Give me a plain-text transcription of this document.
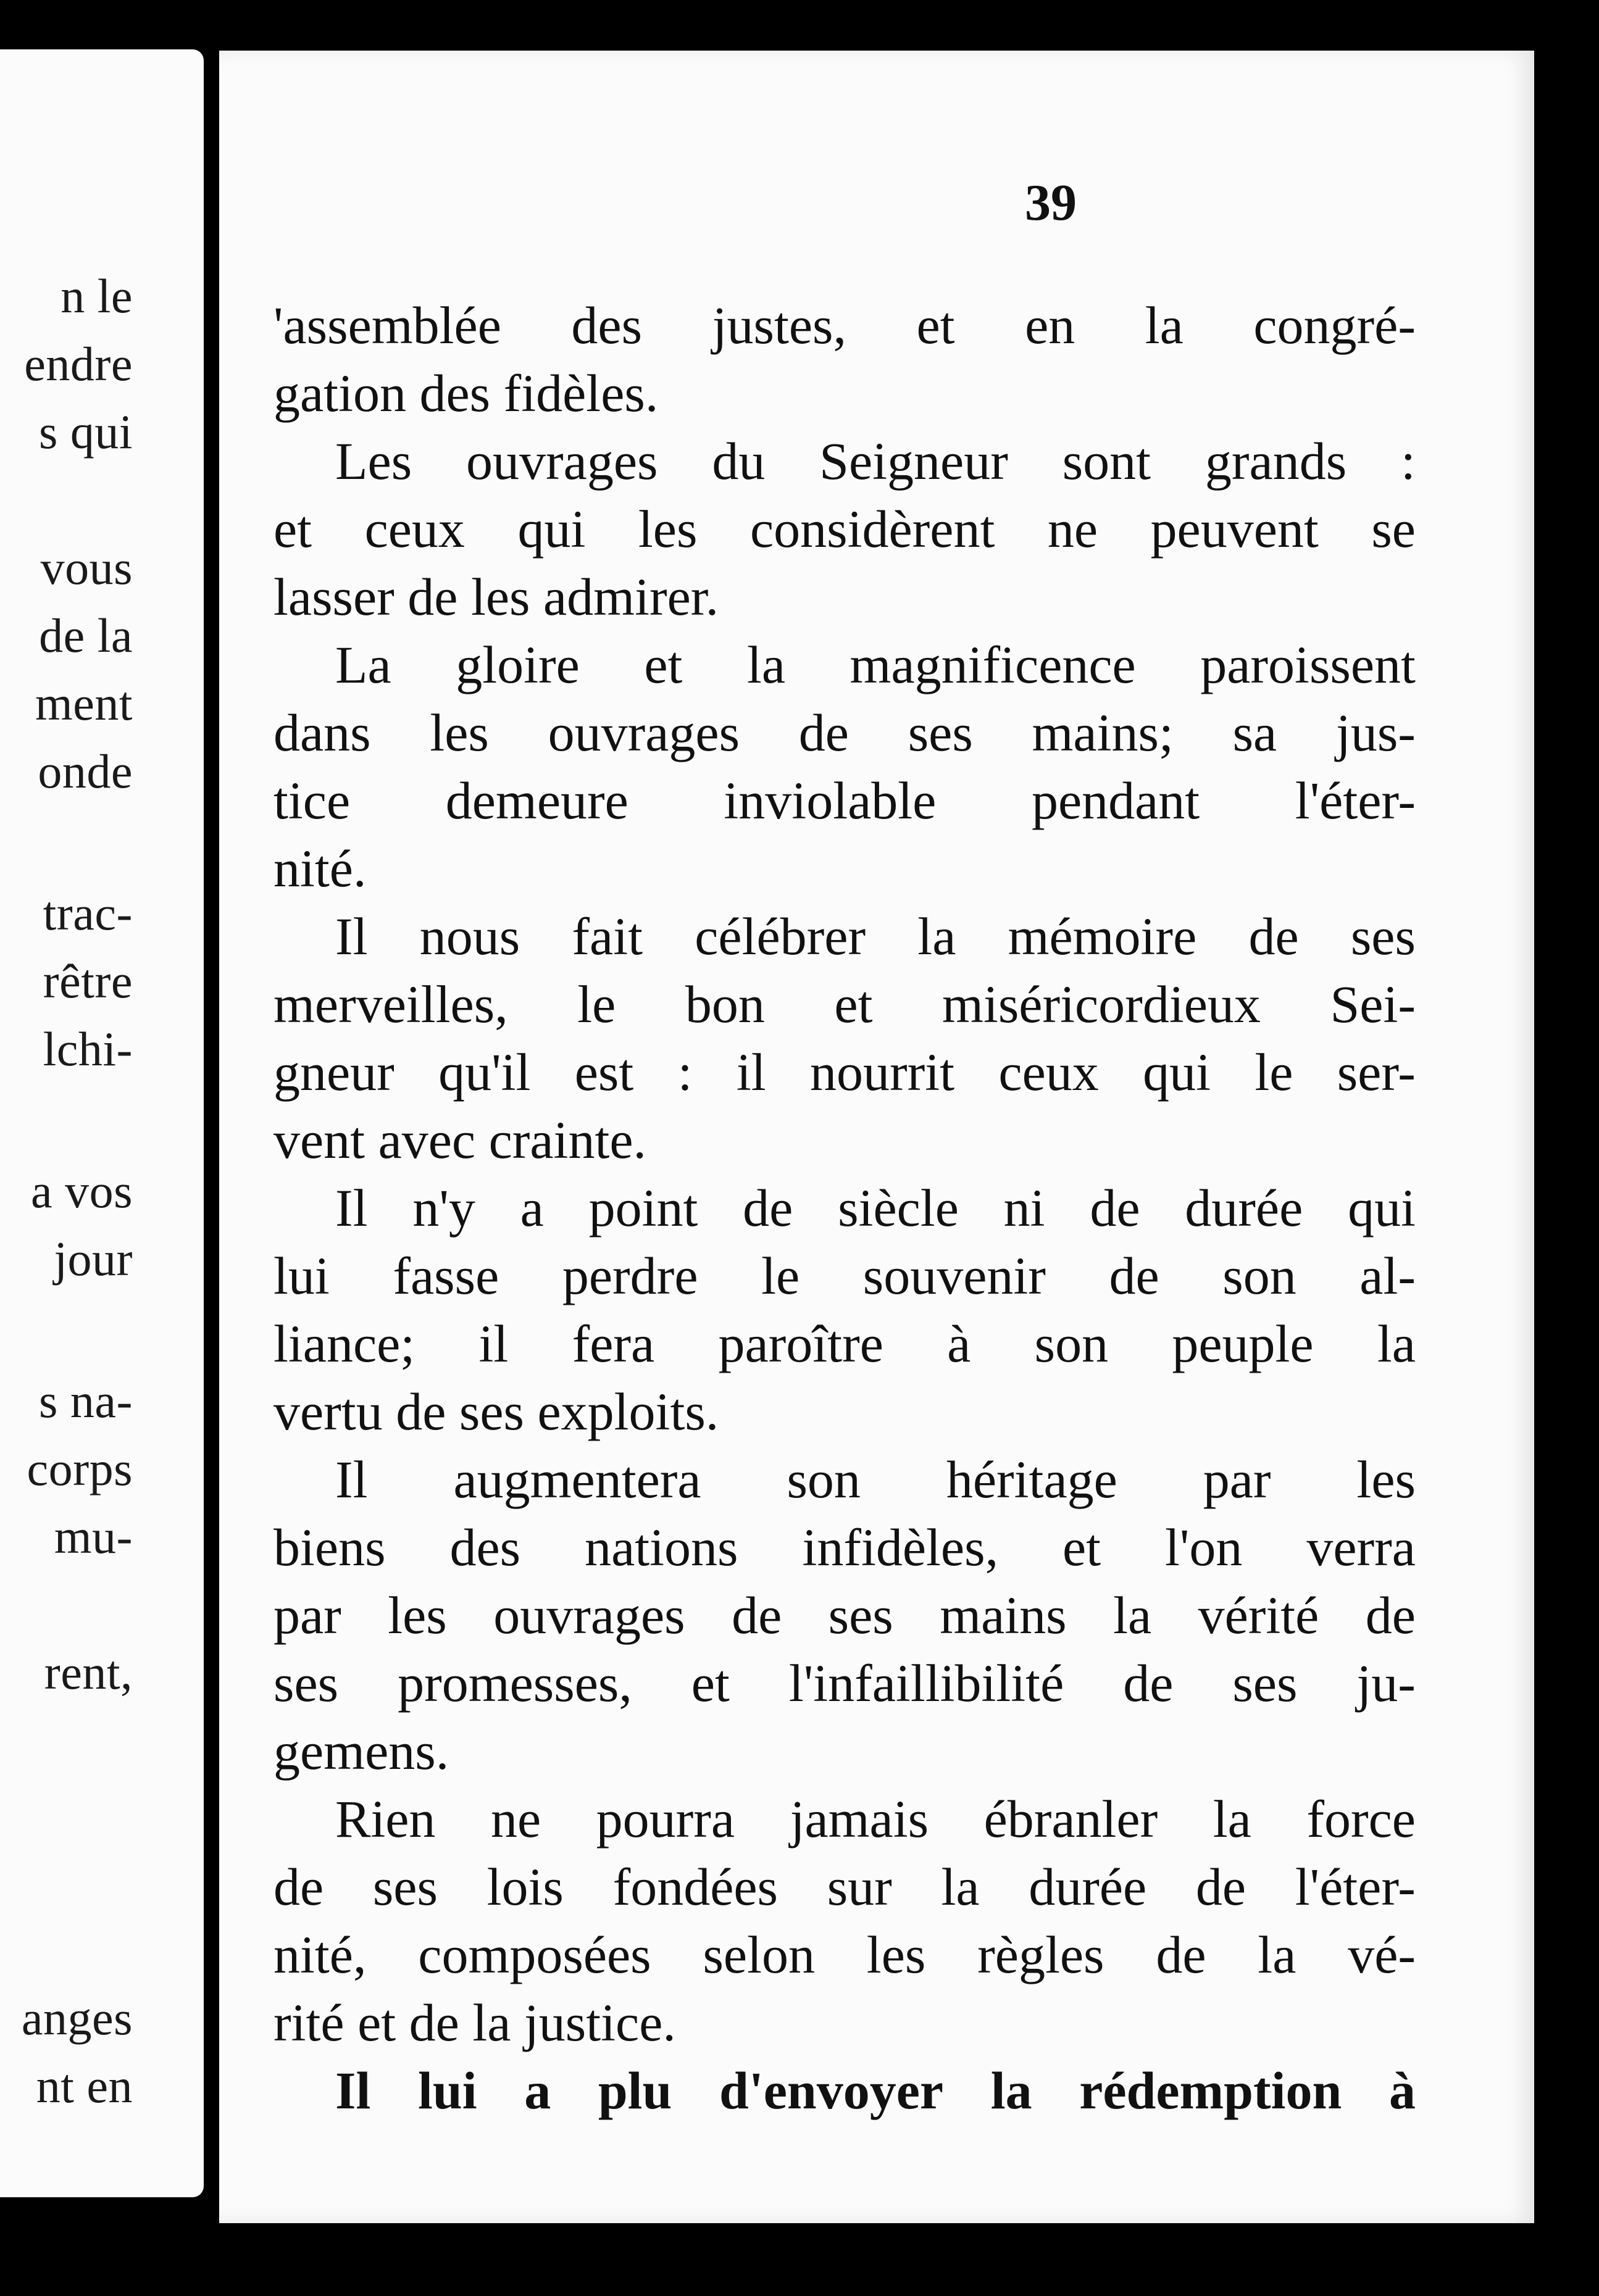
n le
endre
s qui
vous
de la
ment
onde
trac-
rêtre
lchi-
a vos
jour
s na-
corps
mu-
rent,
anges
nt en
39
'assemblée des justes, et en la congré-
gation des fidèles.
Les ouvrages du Seigneur sont grands :
et ceux qui les considèrent ne peuvent se
lasser de les admirer.
La gloire et la magnificence paroissent
dans les ouvrages de ses mains; sa jus-
tice demeure inviolable pendant l'éter-
nité.
Il nous fait célébrer la mémoire de ses
merveilles, le bon et miséricordieux Sei-
gneur qu'il est : il nourrit ceux qui le ser-
vent avec crainte.
Il n'y a point de siècle ni de durée qui
lui fasse perdre le souvenir de son al-
liance; il fera paroître à son peuple la
vertu de ses exploits.
Il augmentera son héritage par les
biens des nations infidèles, et l'on verra
par les ouvrages de ses mains la vérité de
ses promesses, et l'infaillibilité de ses ju-
gemens.
Rien ne pourra jamais ébranler la force
de ses lois fondées sur la durée de l'éter-
nité, composées selon les règles de la vé-
rité et de la justice.
Il lui a plu d'envoyer la rédemption à
